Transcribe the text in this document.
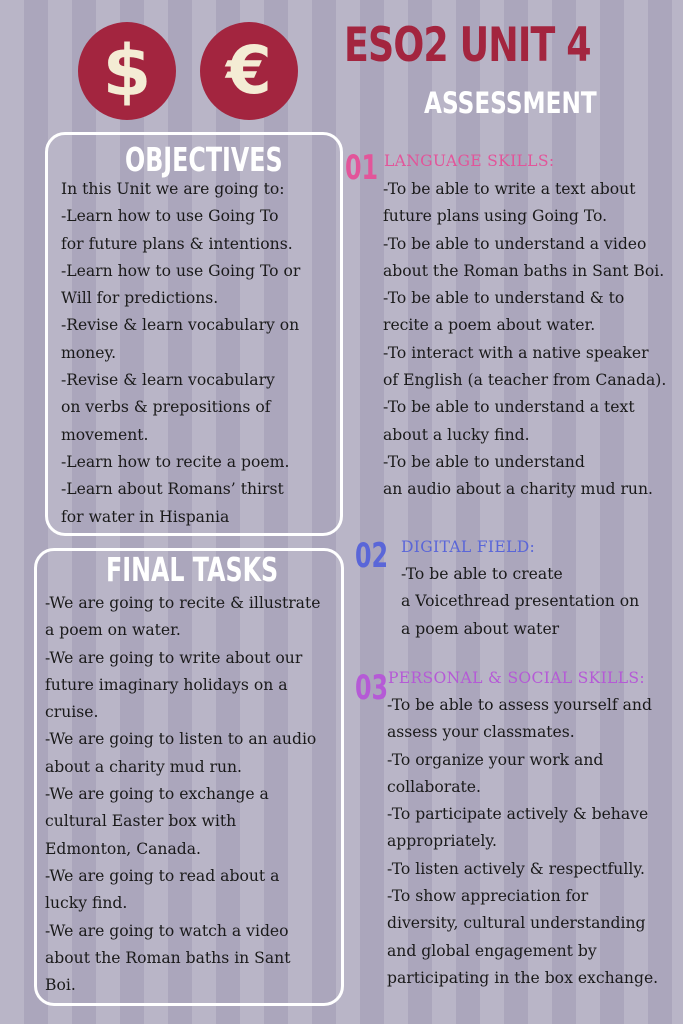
$ € ESO2 UNIT 4
ASSESSMENT
OBJECTIVES
In this Unit we are going to:
-Learn how to use Going To
for future plans & intentions.
-Learn how to use Going To or
Will for predictions.
-Revise & learn vocabulary on
money.
-Revise & learn vocabulary
on verbs & prepositions of
movement.
-Learn how to recite a poem.
-Learn about Romans’ thirst
for water in Hispania
FINAL TASKS
-We are going to recite & illustrate
a poem on water.
-We are going to write about our
future imaginary holidays on a
cruise.
-We are going to listen to an audio
about a charity mud run.
-We are going to exchange a
cultural Easter box with
Edmonton, Canada.
-We are going to read about a
lucky find.
-We are going to watch a video
about the Roman baths in Sant
Boi.
01 LANGUAGE SKILLS:
-To be able to write a text about
future plans using Going To.
-To be able to understand a video
about the Roman baths in Sant Boi.
-To be able to understand & to
recite a poem about water.
-To interact with a native speaker
of English (a teacher from Canada).
-To be able to understand a text
about a lucky find.
-To be able to understand
an audio about a charity mud run.
02 DIGITAL FIELD:
-To be able to create
a Voicethread presentation on
a poem about water
03 PERSONAL & SOCIAL SKILLS:
-To be able to assess yourself and
assess your classmates.
-To organize your work and
collaborate.
-To participate actively & behave
appropriately.
-To listen actively & respectfully.
-To show appreciation for
diversity, cultural understanding
and global engagement by
participating in the box exchange.
